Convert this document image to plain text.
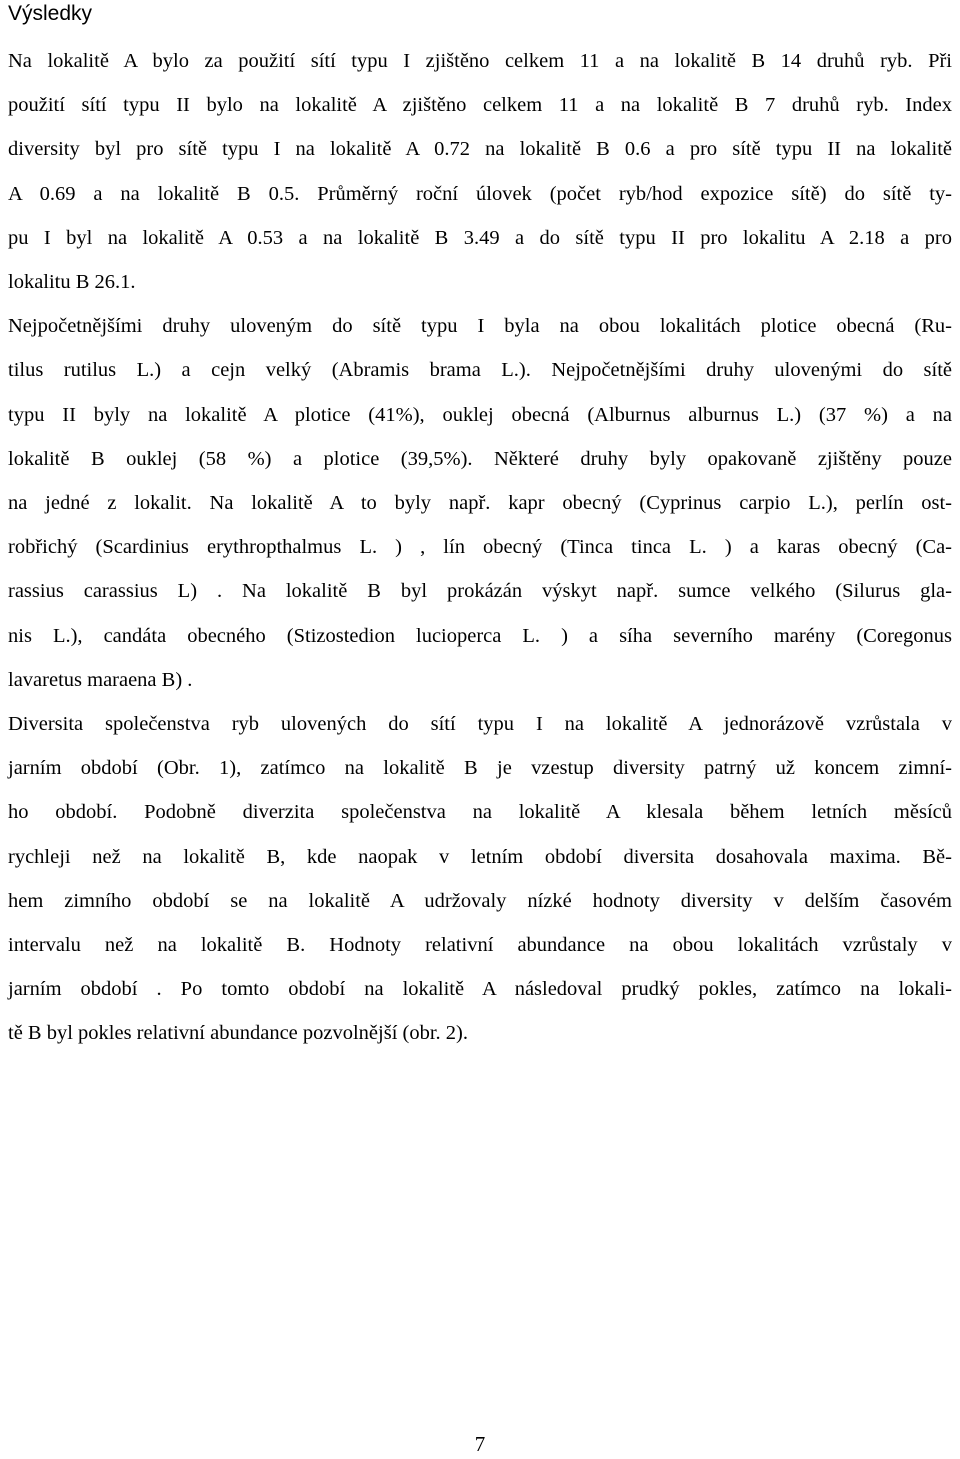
Výsledky

Na lokalitě A bylo za použití sítí typu I zjištěno celkem 11 a na lokalitě B 14 druhů ryb. Při
použití sítí typu II bylo na lokalitě A zjištěno celkem 11 a na lokalitě B 7 druhů ryb. Index
diversity byl pro sítě typu I na lokalitě A 0.72 na lokalitě B 0.6 a pro sítě typu II na lokalitě
A 0.69 a na lokalitě B 0.5. Průměrný roční úlovek (počet ryb/hod expozice sítě) do sítě ty-
pu I byl na lokalitě A 0.53 a na lokalitě B 3.49 a do sítě typu II pro lokalitu A 2.18 a pro
lokalitu B 26.1.

Nejpočetnějšími druhy uloveným do sítě typu I byla na obou lokalitách plotice obecná (Ru-
tilus rutilus L.) a cejn velký (Abramis brama L.). Nejpočetnějšími druhy ulovenými do sítě
typu II byly na lokalitě A plotice (41%), ouklej obecná (Alburnus alburnus L.) (37 %) a na
lokalitě B ouklej (58 %) a plotice (39,5%). Některé druhy byly opakovaně zjištěny pouze
na jedné z lokalit. Na lokalitě A to byly např. kapr obecný (Cyprinus carpio L.), perlín ost-
robřichý (Scardinius erythropthalmus L. ) , lín obecný (Tinca tinca L. ) a karas obecný (Ca-
rassius carassius L) . Na lokalitě B byl prokázán výskyt např. sumce velkého (Silurus gla-
nis L.), candáta obecného (Stizostedion lucioperca L. ) a síha severního marény (Coregonus
lavaretus maraena B) .

Diversita společenstva ryb ulovených do sítí typu I na lokalitě A jednorázově vzrůstala v
jarním období (Obr. 1), zatímco na lokalitě B je vzestup diversity patrný už koncem zimní-
ho období. Podobně diverzita společenstva na lokalitě A klesala během letních měsíců
rychleji než na lokalitě B, kde naopak v letním období diversita dosahovala maxima. Bě-
hem zimního období se na lokalitě A udržovaly nízké hodnoty diversity v delším časovém
intervalu než na lokalitě B. Hodnoty relativní abundance na obou lokalitách vzrůstaly v
jarním období . Po tomto období na lokalitě A následoval prudký pokles, zatímco na lokali-
tě B byl pokles relativní abundance pozvolnější (obr. 2).

7
